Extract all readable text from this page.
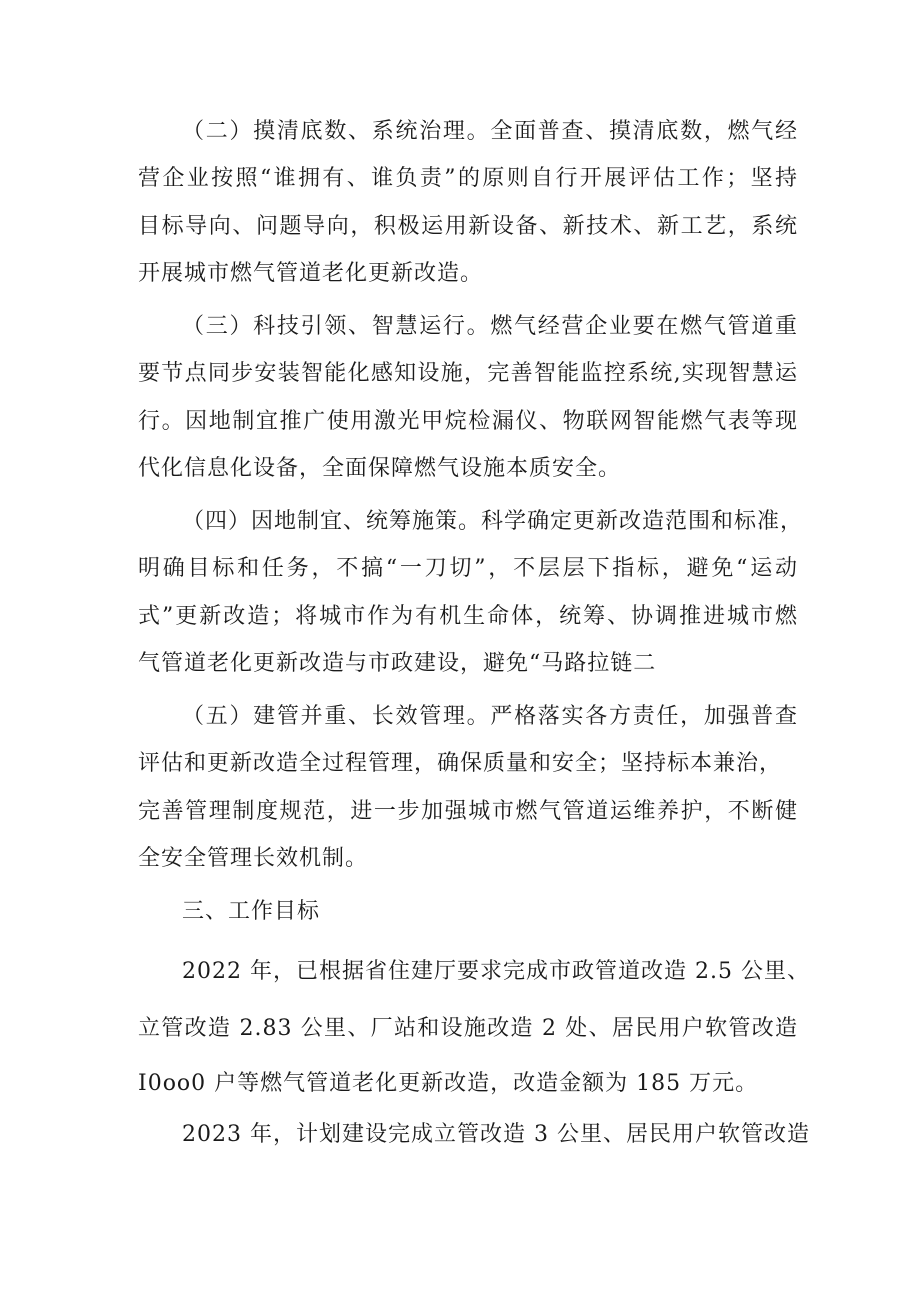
（二）摸清底数、系统治理。全面普查、摸清底数，燃气经
营企业按照“谁拥有、谁负责”的原则自行开展评估工作；坚持
目标导向、问题导向，积极运用新设备、新技术、新工艺，系统
开展城市燃气管道老化更新改造。
（三）科技引领、智慧运行。燃气经营企业要在燃气管道重
要节点同步安装智能化感知设施，完善智能监控系统,实现智慧运
行。因地制宜推广使用激光甲烷检漏仪、物联网智能燃气表等现
代化信息化设备，全面保障燃气设施本质安全。
（四）因地制宜、统筹施策。科学确定更新改造范围和标准，
明确目标和任务，不搞“一刀切”，不层层下指标，避免“运动
式”更新改造；将城市作为有机生命体，统筹、协调推进城市燃
气管道老化更新改造与市政建设，避免“马路拉链二
（五）建管并重、长效管理。严格落实各方责任，加强普查
评估和更新改造全过程管理，确保质量和安全；坚持标本兼治，
完善管理制度规范，进一步加强城市燃气管道运维养护，不断健
全安全管理长效机制。
三、工作目标
2022 年，已根据省住建厅要求完成市政管道改造 2.5 公里、
立管改造 2.83 公里、厂站和设施改造 2 处、居民用户软管改造
I0oo0 户等燃气管道老化更新改造，改造金额为 185 万元。
2023 年，计划建设完成立管改造 3 公里、居民用户软管改造
